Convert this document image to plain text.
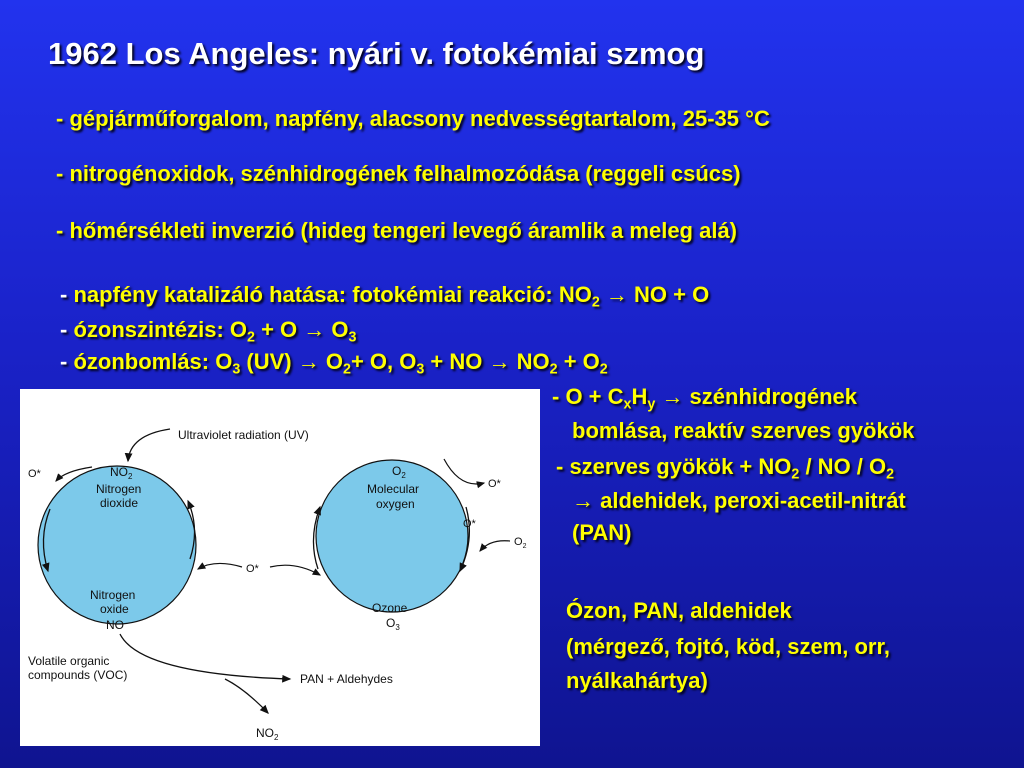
1962 Los Angeles: nyári v. fotokémiai szmog
- gépjárműforgalom, napfény, alacsony nedvességtartalom, 25-35 °C
- nitrogénoxidok, szénhidrogének felhalmozódása (reggeli csúcs)
- hőmérsékleti inverzió (hideg tengeri levegő áramlik a meleg alá)
- napfény katalizáló hatása: fotokémiai reakció: $NO_2$ → NO + O
- ózonszintézis: $O_2 + O \to O_3$
- ózonbomlás: $O_3$ $(UV) \to O_2+ O$, $O_3$ + NO → $NO_2 + O_2$
- $O + C_xH_y$ → szénhidrogének
bomlása, reaktív szerves gyökök
- szerves gyökök + $NO_2$ / NO / $O_2$
→ aldehidek, peroxi-acetil-nitrát
(PAN)
Ózon, PAN, aldehidek
(mérgező, fojtó, köd, szem, orr,
nyálkahártya)
Ultraviolet radiation (UV)
$NO_2$
Nitrogen
dioxide
Nitrogen
oxide
NO
$O_2$
Molecular
oxygen
Ozone
$O_3$
O*
O*
O*
$O_2$
O*
Volatile organic
compounds (VOC)	PAN + Aldehydes
$NO_2$
